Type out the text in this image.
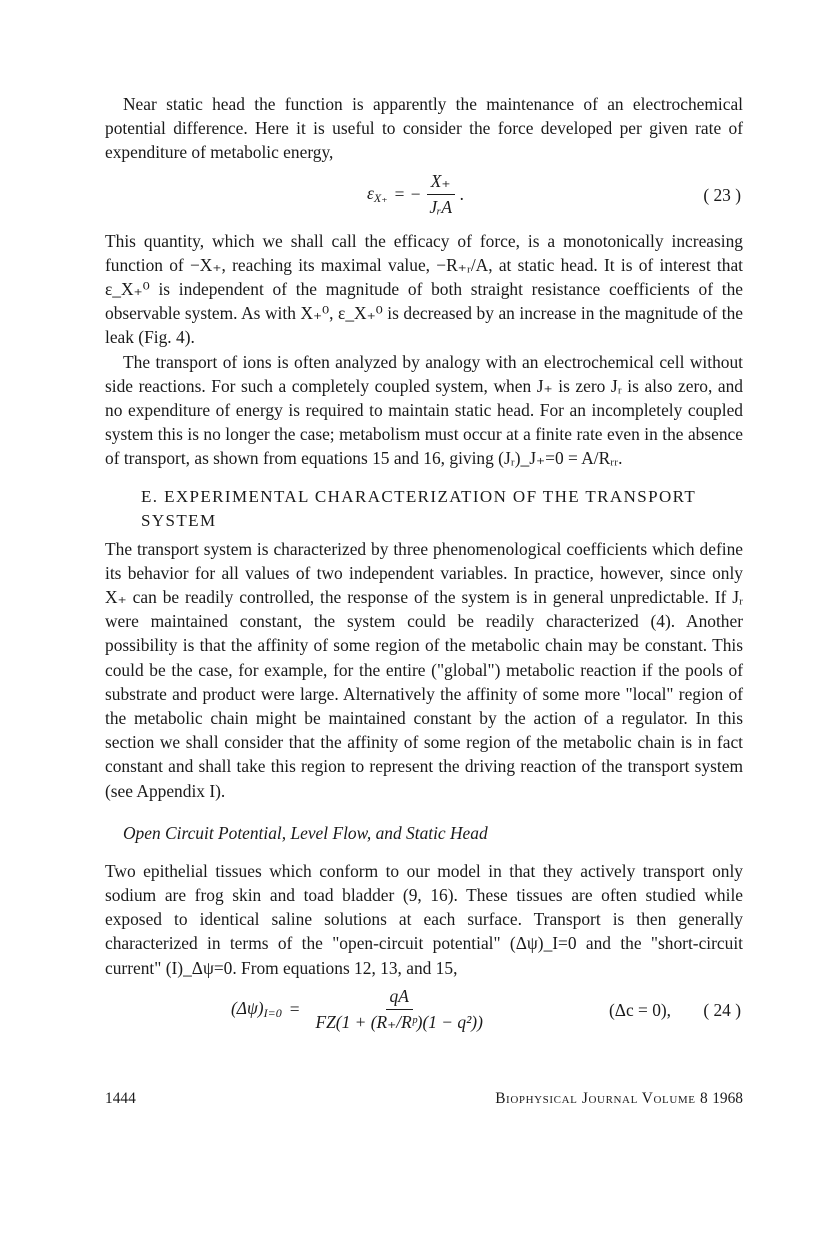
Near static head the function is apparently the maintenance of an electrochemical potential difference. Here it is useful to consider the force developed per given rate of expenditure of metabolic energy,

$\varepsilon_{X_+}$ = − $\frac{X_+}{\text{JᵣA}}$ .	( 23 )

This quantity, which we shall call the efficacy of force, is a monotonically increasing function of −X₊, reaching its maximal value, −R₊ᵣ/A, at static head. It is of interest that ε_X₊⁰ is independent of the magnitude of both straight resistance coefficients of the observable system. As with X₊⁰, ε_X₊⁰ is decreased by an increase in the magnitude of the leak (Fig. 4).

The transport of ions is often analyzed by analogy with an electrochemical cell without side reactions. For such a completely coupled system, when J₊ is zero Jᵣ is also zero, and no expenditure of energy is required to maintain static head. For an incompletely coupled system this is no longer the case; metabolism must occur at a finite rate even in the absence of transport, as shown from equations 15 and 16, giving (Jᵣ)_J₊=0 = A/Rᵣᵣ.

E. EXPERIMENTAL CHARACTERIZATION OF THE TRANSPORT SYSTEM

The transport system is characterized by three phenomenological coefficients which define its behavior for all values of two independent variables. In practice, however, since only X₊ can be readily controlled, the response of the system is in general unpredictable. If Jᵣ were maintained constant, the system could be readily characterized (4). Another possibility is that the affinity of some region of the metabolic chain may be constant. This could be the case, for example, for the entire ("global") metabolic reaction if the pools of substrate and product were large. Alternatively the affinity of some more "local" region of the metabolic chain might be maintained constant by the action of a regulator. In this section we shall consider that the affinity of some region of the metabolic chain is in fact constant and shall take this region to represent the driving reaction of the transport system (see Appendix I).

Open Circuit Potential, Level Flow, and Static Head

Two epithelial tissues which conform to our model in that they actively transport only sodium are frog skin and toad bladder (9, 16). These tissues are often studied while exposed to identical saline solutions at each surface. Transport is then generally characterized in terms of the "open-circuit potential" (Δψ)_I=0 and the "short-circuit current" (I)_Δψ=0. From equations 12, 13, and 15,

$(\Delta\psi)_{I=0} = \frac{qA}{\text{FZ(1 + (R₊/Rᵖ)(1 − q²))}}$	(Δc = 0), ( 24 )
1444	Biophysical Journal Volume 8 1968
